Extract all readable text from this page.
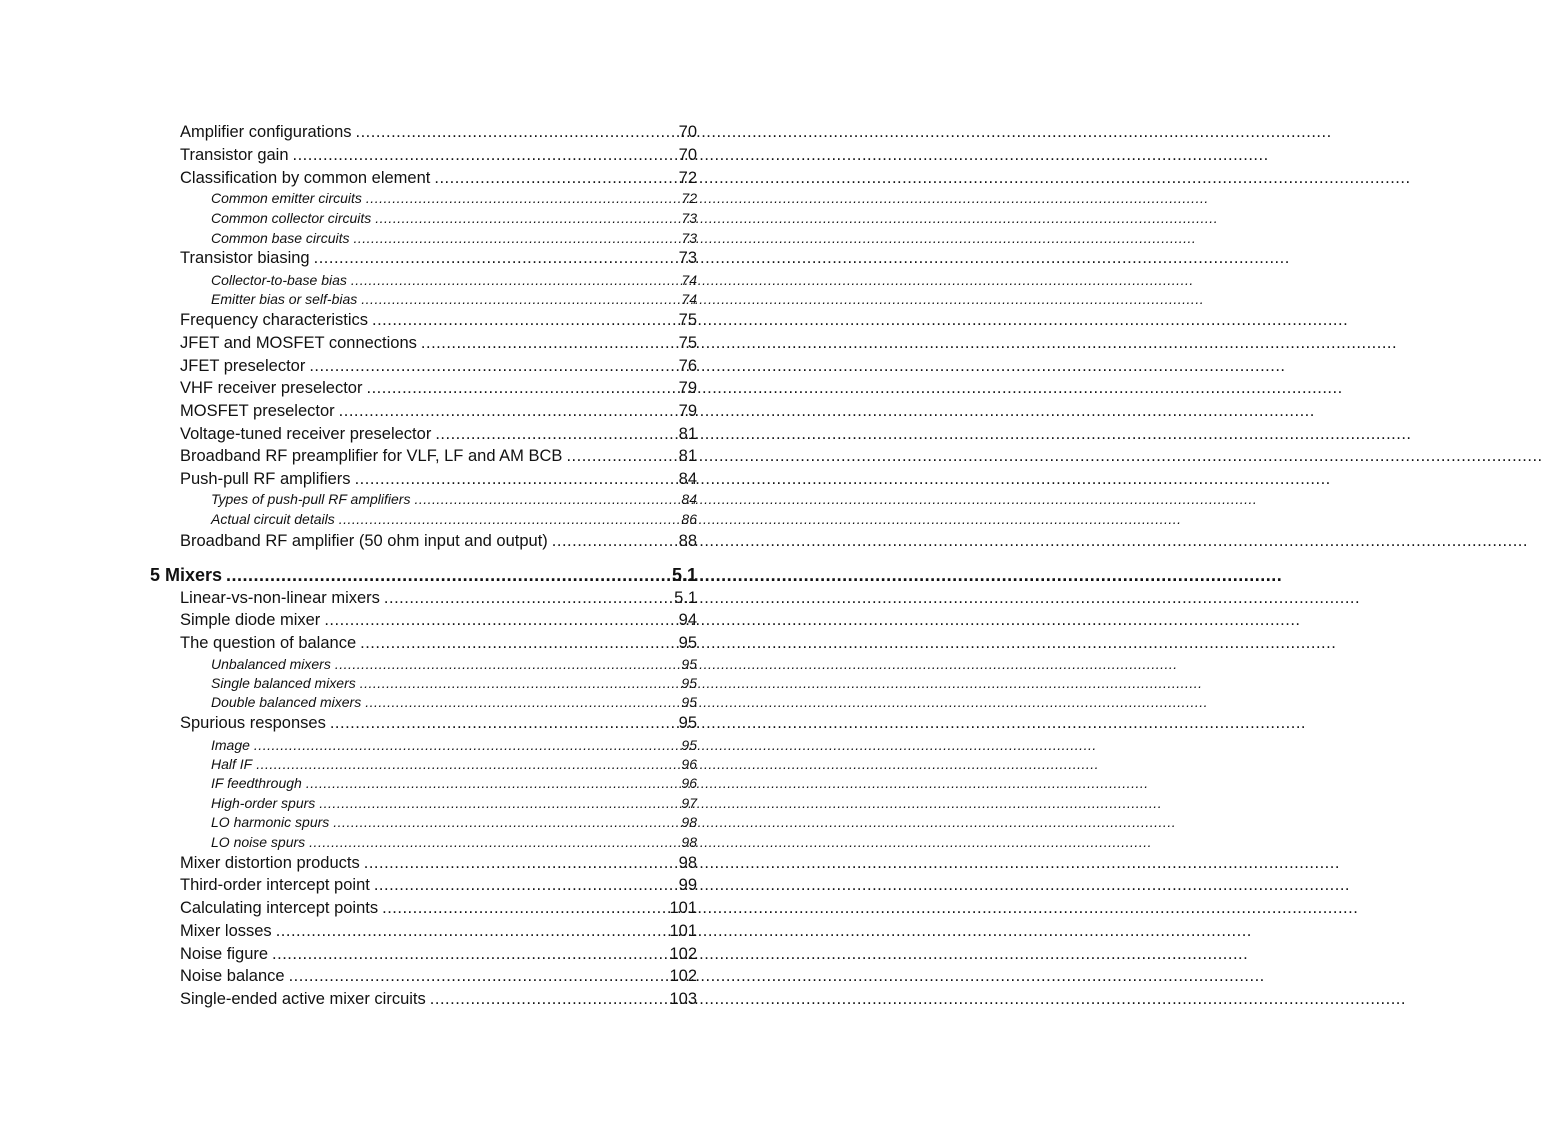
Amplifier configurations .....	70
Transistor gain .....	70
Classification by common element .....	72
Common emitter circuits .....	72
Common collector circuits .....	73
Common base circuits .....	73
Transistor biasing .....	73
Collector-to-base bias .....	74
Emitter bias or self-bias .....	74
Frequency characteristics .....	75
JFET and MOSFET connections .....	75
JFET preselector .....	76
VHF receiver preselector .....	79
MOSFET preselector .....	79
Voltage-tuned receiver preselector .....	81
Broadband RF preamplifier for VLF, LF and AM BCB .....	81
Push-pull RF amplifiers .....	84
Types of push-pull RF amplifiers .....	84
Actual circuit details .....	86
Broadband RF amplifier (50 ohm input and output) .....	88
5 Mixers .....	5.1
Linear-vs-non-linear mixers .....	5.1
Simple diode mixer .....	94
The question of balance .....	95
Unbalanced mixers .....	95
Single balanced mixers .....	95
Double balanced mixers .....	95
Spurious responses .....	95
Image .....	95
Half IF .....	96
IF feedthrough .....	96
High-order spurs .....	97
LO harmonic spurs .....	98
LO noise spurs .....	98
Mixer distortion products .....	98
Third-order intercept point .....	99
Calculating intercept points .....	101
Mixer losses .....	101
Noise figure .....	102
Noise balance .....	102
Single-ended active mixer circuits .....	103
